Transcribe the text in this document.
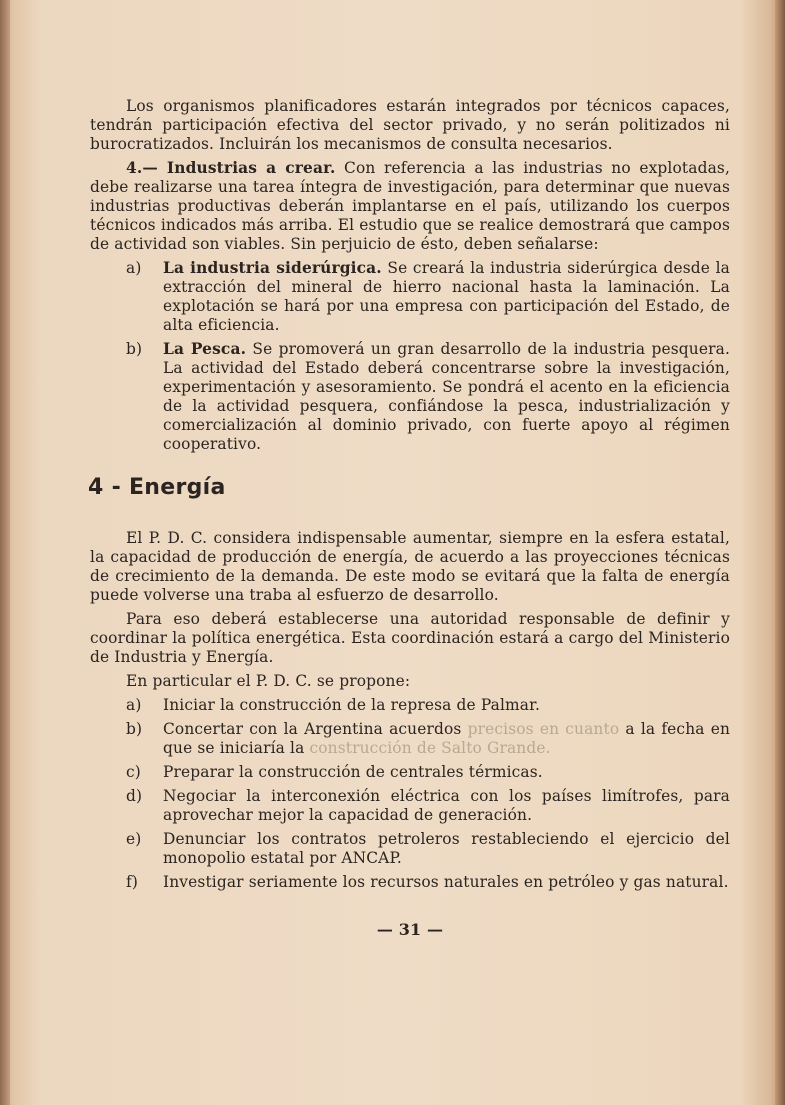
Los organismos planificadores estarán integrados por técnicos capaces, tendrán participación efectiva del sector privado, y no serán politizados ni burocratizados. Incluirán los mecanismos de consulta necesarios.

4.— Industrias a crear. Con referencia a las industrias no explotadas, debe realizarse una tarea íntegra de investigación, para determinar que nuevas industrias productivas deberán implantarse en el país, utilizando los cuerpos técnicos indicados más arriba. El estudio que se realice demostrará que campos de actividad son viables. Sin perjuicio de ésto, deben señalarse:

a)	La industria siderúrgica. Se creará la industria siderúrgica desde la extracción del mineral de hierro nacional hasta la laminación. La explotación se hará por una empresa con participación del Estado, de alta eficiencia.
b)	La Pesca. Se promoverá un gran desarrollo de la industria pesquera. La actividad del Estado deberá concentrarse sobre la investigación, experimentación y asesoramiento. Se pondrá el acento en la eficiencia de la actividad pesquera, confiándose la pesca, industrialización y comercialización al dominio privado, con fuerte apoyo al régimen cooperativo.
4 - Energía

El P. D. C. considera indispensable aumentar, siempre en la esfera estatal, la capacidad de producción de energía, de acuerdo a las proyecciones técnicas de crecimiento de la demanda. De este modo se evitará que la falta de energía puede volverse una traba al esfuerzo de desarrollo.

Para eso deberá establecerse una autoridad responsable de definir y coordinar la política energética. Esta coordinación estará a cargo del Ministerio de Industria y Energía.

En particular el P. D. C. se propone:

a)	Iniciar la construcción de la represa de Palmar.
b)	Concertar con la Argentina acuerdos precisos en cuanto a la fecha en que se iniciaría la construcción de Salto Grande.
c)	Preparar la construcción de centrales térmicas.
d)	Negociar la interconexión eléctrica con los países limítrofes, para aprovechar mejor la capacidad de generación.
e)	Denunciar los contratos petroleros restableciendo el ejercicio del monopolio estatal por ANCAP.
f)	Investigar seriamente los recursos naturales en petróleo y gas natural.
— 31 —
